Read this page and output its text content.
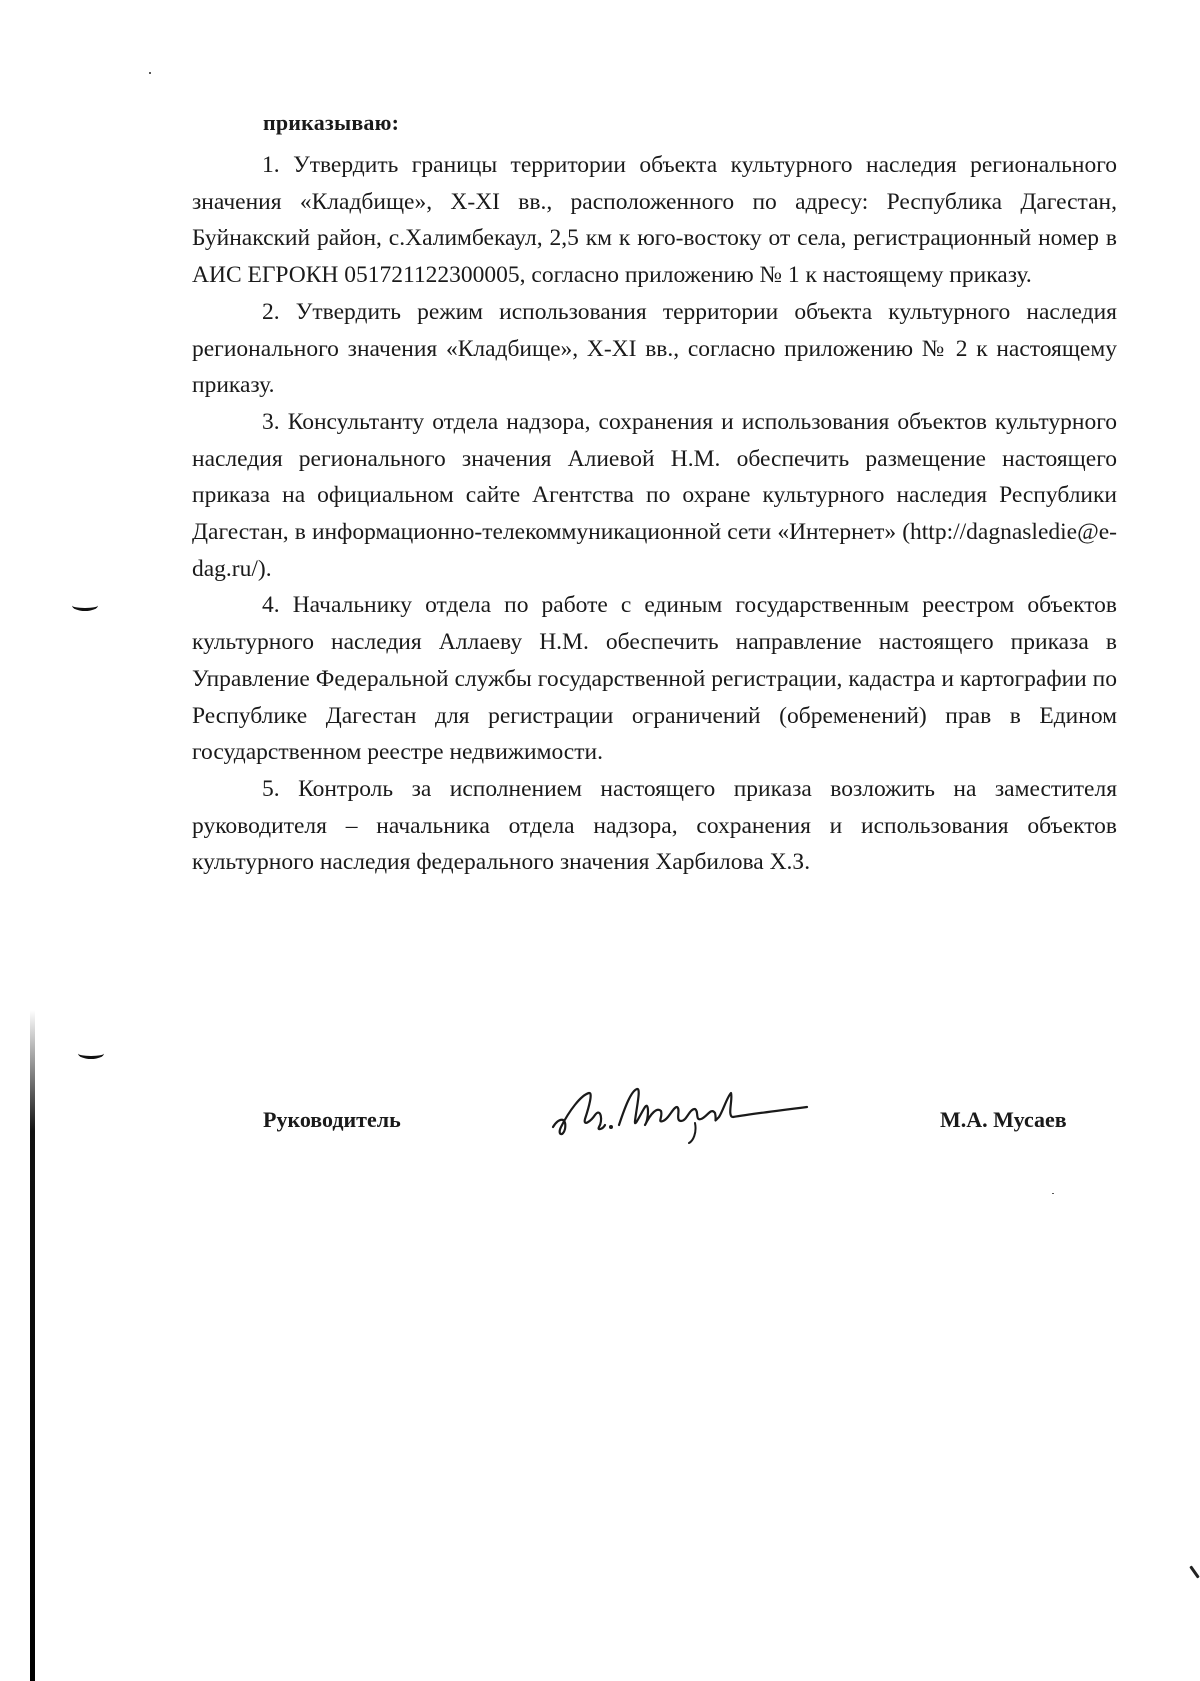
приказываю:

1. Утвердить границы территории объекта культурного наследия регионального значения «Кладбище», X-XI вв., расположенного по адресу: Республика Дагестан, Буйнакский район, с.Халимбекаул, 2,5 км к юго-востоку от села, регистрационный номер в АИС ЕГРОКН 051721122300005, согласно приложению № 1 к настоящему приказу.

2. Утвердить режим использования территории объекта культурного наследия регионального значения «Кладбище», X-XI вв., согласно приложению № 2 к настоящему приказу.

3. Консультанту отдела надзора, сохранения и использования объектов культурного наследия регионального значения Алиевой Н.М. обеспечить размещение настоящего приказа на официальном сайте Агентства по охране культурного наследия Республики Дагестан, в информационно-телекоммуникационной сети «Интернет» (http://dagnasledie@e-dag.ru/).

4. Начальнику отдела по работе с единым государственным реестром объектов культурного наследия Аллаеву Н.М. обеспечить направление настоящего приказа в Управление Федеральной службы государственной регистрации, кадастра и картографии по Республике Дагестан для регистрации ограничений (обременений) прав в Едином государственном реестре недвижимости.

5. Контроль за исполнением настоящего приказа возложить на заместителя руководителя – начальника отдела надзора, сохранения и использования объектов культурного наследия федерального значения Харбилова Х.З.

Руководитель	М.А. Мусаев
